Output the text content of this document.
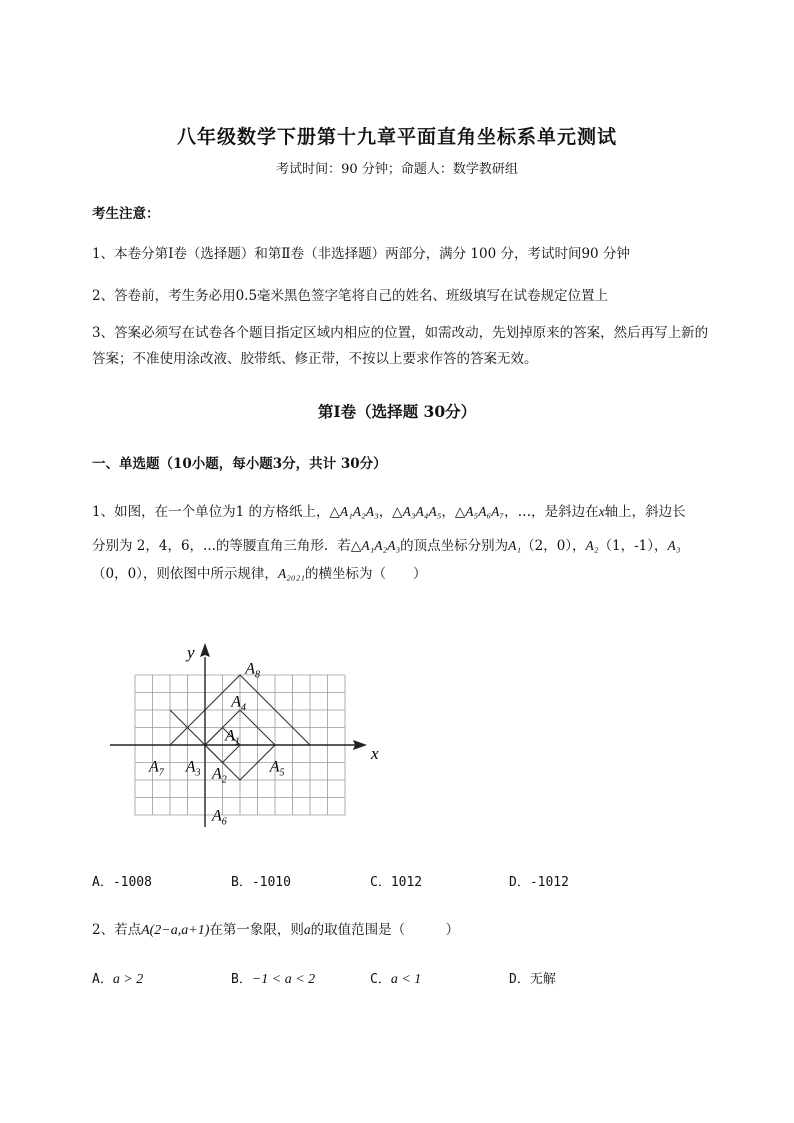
八年级数学下册第十九章平面直角坐标系单元测试
考试时间：90 分钟；命题人：数学教研组
考生注意：
1、本卷分第Ⅰ卷（选择题）和第Ⅱ卷（非选择题）两部分，满分 100 分，考试时间90 分钟
2、答卷前，考生务必用0.5毫米黑色签字笔将自己的姓名、班级填写在试卷规定位置上
3、答案必须写在试卷各个题目指定区域内相应的位置，如需改动，先划掉原来的答案，然后再写上新的答案；不准使用涂改液、胶带纸、修正带，不按以上要求作答的答案无效。
第Ⅰ卷（选择题 30分）
一、单选题（10小题，每小题3分，共计 30分）
1、如图，在一个单位为1 的方格纸上，△A₁A₂A₃，△A₃A₄A₅，△A₅A₆A₇，…，是斜边在x轴上，斜边长
分别为 2，4，6，...的等腰直角三角形．若△A₁A₂A₃的顶点坐标分别为A₁（2，0），A₂（1，-1），A₃
（0，0），则依图中所示规律，A₂₀₂₁的横坐标为（　　）
x
y
$A_1$
$A_2$
$A_3$
$A_4$
$A_5$
$A_6$
$A_7$
$A_8$
A．-1008	B．-1010	C．1012	D．-1012
2、若点A(2−a,a+1)在第一象限，则a的取值范围是（　　　）
A．a > 2	B．−1 < a < 2	C．a < 1	D．无解
